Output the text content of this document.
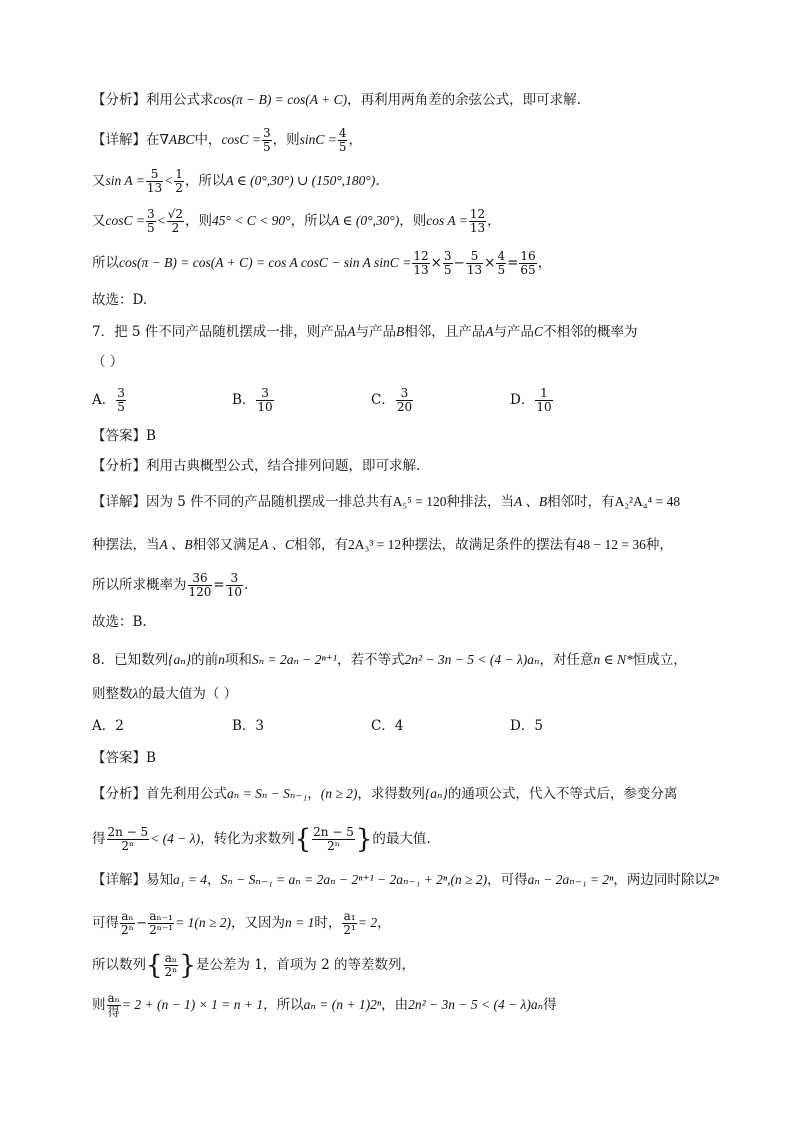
【分析】利用公式求cos(π − B) = cos(A + C)，再利用两角差的余弦公式，即可求解.
【详解】在∇ABC中，$\cos C = \frac{3}{5}$ ，则$\sin C = \frac{4}{5}$ ，
又$\sin A = \frac{5}{13} < \frac{1}{2}$ ，所以A ∈ (0°,30°) ∪ (150°,180°).
又$\cos C = \frac{3}{5} < \frac{√2}{2}$ ，则45° < C < 90°，所以A ∈ (0°,30°)，则$\cos A = \frac{12}{13}$ ，
所以cos(π − B) = cos(A + C) = cos A cosC − sin A $\sin C = \frac{12}{13} \times \frac{3}{5} - \frac{5}{13} \times \frac{4}{5} = \frac{16}{65}$ ，
故选：D.
7．把 5 件不同产品随机摆成一排，则产品A与产品B相邻，且产品A与产品C不相邻的概率为
（ ）
A． $\frac{3}{5}$	B． $\frac{3}{10}$	C． $\frac{3}{20}$	D． $\frac{1}{10}$
【答案】B
【分析】利用古典概型公式，结合排列问题，即可求解.
【详解】因为 5 件不同的产品随机摆成一排总共有A₅⁵ = 120种排法，当A 、B相邻时，有A₂²A₄⁴ = 48
种摆法，当A 、B相邻又满足A 、C相邻，有2A₃³ = 12种摆法，故满足条件的摆法有48 − 12 = 36种，
所以所求概率为 $\frac{36}{120} = \frac{3}{10}$ .
故选：B.
8．已知数列{aₙ}的前n项和Sₙ = 2aₙ − 2ⁿ⁺¹，若不等式2n² − 3n − 5 < (4 − λ)aₙ，对任意n ∈ N*恒成立，
则整数λ的最大值为（ ）
A．2	B．3	C．4	D．5
【答案】B
【分析】首先利用公式aₙ = Sₙ − Sₙ₋₁，(n ≥ 2)，求得数列{aₙ}的通项公式，代入不等式后，参变分离
得 $\frac{2n - 5}{\text{2ⁿ}} < (4 - \lambda)$，转化为求数列{ $\frac{2n - 5}{\text{2ⁿ}}$ }的最大值.
【详解】易知a₁ = 4，Sₙ − Sₙ₋₁ = aₙ = 2aₙ − 2ⁿ⁺¹ − 2aₙ₋₁ + 2ⁿ,(n ≥ 2)，可得aₙ − 2aₙ₋₁ = 2ⁿ，两边同时除以2ⁿ
可得 $\frac{\text{aₙ}}{\text{2ⁿ}} - \frac{\text{aₙ₋₁}}{\text{2ⁿ⁻¹}} = 1(n \ge 2)$，又因为n = 1时， $\frac{\text{a₁}}{\text{2¹}} = 2$，
所以数列{ $\frac{\text{aₙ}}{\text{2ⁿ}}$ }是公差为 1，首项为 2 的等差数列，
则 $\frac{\text{aₙ}}{\text{得}} = 2 + (n - 1) \times 1 = n + 1$，所以aₙ = (n + 1)2ⁿ，由2n² − 3n − 5 < (4 − λ)aₙ得
